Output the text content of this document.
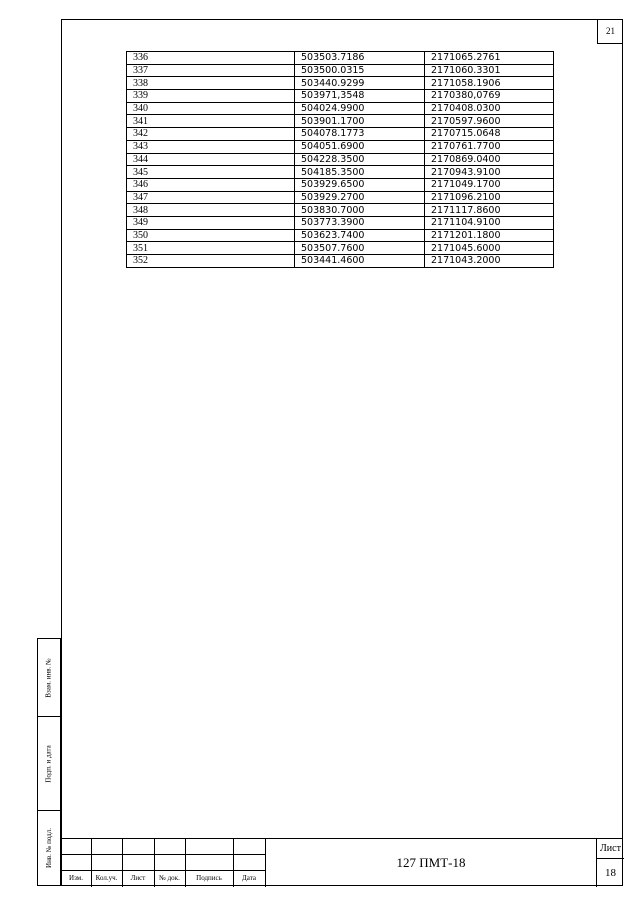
21
336	503503.7186	2171065.2761
337	503500.0315	2171060.3301
338	503440.9299	2171058.1906
339	503971,3548	2170380,0769
340	504024.9900	2170408.0300
341	503901.1700	2170597.9600
342	504078.1773	2170715.0648
343	504051.6900	2170761.7700
344	504228.3500	2170869.0400
345	504185.3500	2170943.9100
346	503929.6500	2171049.1700
347	503929.2700	2171096.2100
348	503830.7000	2171117.8600
349	503773.3900	2171104.9100
350	503623.7400	2171201.1800
351	503507.7600	2171045.6000
352	503441.4600	2171043.2000
Взам. инв. №
Подп. и дата
Инв. № подл.
Изм.	Кол.уч.	Лист	№ док.	Подпись	Дата
127 ПМТ-18
Лист
18
